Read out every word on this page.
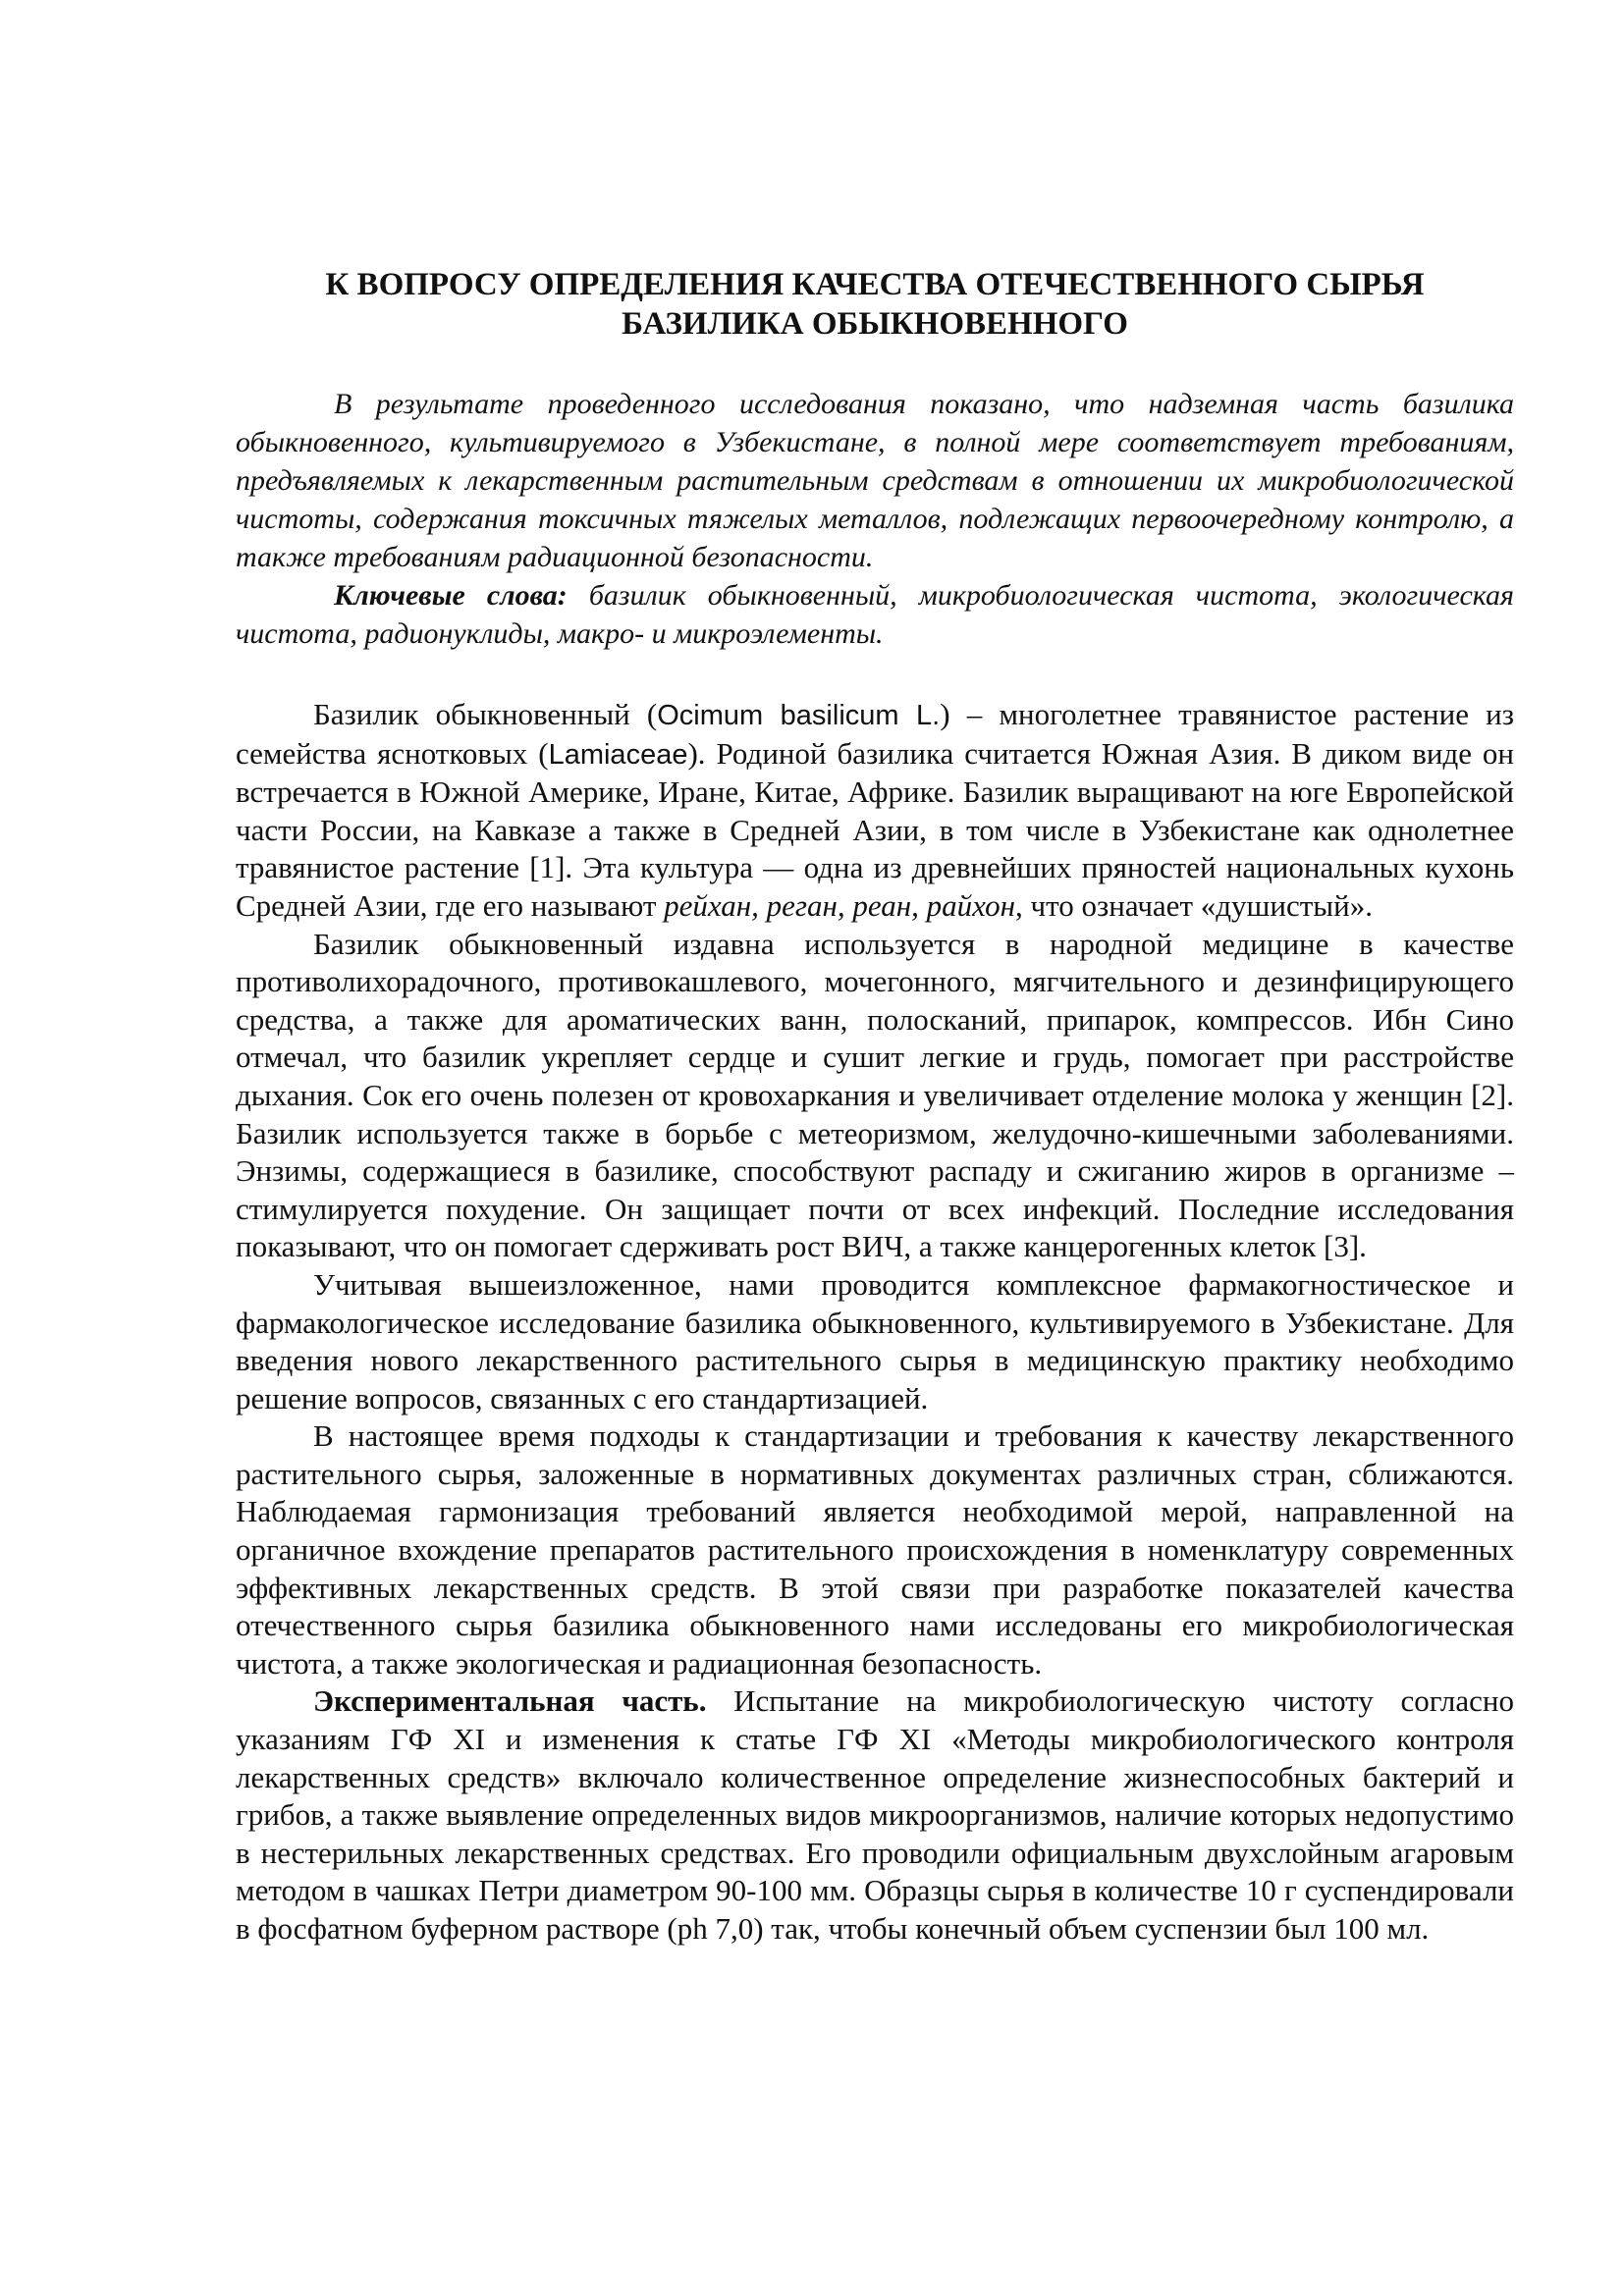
К ВОПРОСУ ОПРЕДЕЛЕНИЯ КАЧЕСТВА ОТЕЧЕСТВЕННОГО СЫРЬЯ
БАЗИЛИКА ОБЫКНОВЕННОГО

В результате проведенного исследования показано, что надземная часть базилика обыкновенного, культивируемого в Узбекистане, в полной мере соответствует требованиям, предъявляемых к лекарственным растительным средствам в отношении их микробиологической чистоты, содержания токсичных тяжелых металлов, подлежащих первоочередному контролю, а также требованиям радиационной безопасности.

Ключевые слова: базилик обыкновенный, микробиологическая чистота, экологическая чистота, радионуклиды, макро- и микроэлементы.

Базилик обыкновенный (Ocimum basilicum L.) – многолетнее травянистое растение из семейства яснотковых (Lamiaceae). Родиной базилика считается Южная Азия. В диком виде он встречается в Южной Америке, Иране, Китае, Африке. Базилик выращивают на юге Европейской части России, на Кавказе а также в Средней Азии, в том числе в Узбекистане как однолетнее травянистое растение [1]. Эта культура — одна из древнейших пряностей национальных кухонь Средней Азии, где его называют рейхан, реган, реан, райхон, что означает «душистый».

Базилик обыкновенный издавна используется в народной медицине в качестве противолихорадочного, противокашлевого, мочегонного, мягчительного и дезинфицирующего средства, а также для ароматических ванн, полосканий, припарок, компрессов. Ибн Сино отмечал, что базилик укрепляет сердце и сушит легкие и грудь, помогает при расстройстве дыхания. Сок его очень полезен от кровохаркания и увеличивает отделение молока у женщин [2]. Базилик используется также в борьбе с метеоризмом, желудочно-кишечными заболеваниями. Энзимы, содержащиеся в базилике, способствуют распаду и сжиганию жиров в организме – стимулируется похудение. Он защищает почти от всех инфекций. Последние исследования показывают, что он помогает сдерживать рост ВИЧ, а также канцерогенных клеток [3].

Учитывая вышеизложенное, нами проводится комплексное фармакогностическое и фармакологическое исследование базилика обыкновенного, культивируемого в Узбекистане. Для введения нового лекарственного растительного сырья в медицинскую практику необходимо решение вопросов, связанных с его стандартизацией.

В настоящее время подходы к стандартизации и требования к качеству лекарственного растительного сырья, заложенные в нормативных документах различных стран, сближаются. Наблюдаемая гармонизация требований является необходимой мерой, направленной на органичное вхождение препаратов растительного происхождения в номенклатуру современных эффективных лекарственных средств. В этой связи при разработке показателей качества отечественного сырья базилика обыкновенного нами исследованы его микробиологическая чистота, а также экологическая и радиационная безопасность.

Экспериментальная часть. Испытание на микробиологическую чистоту согласно указаниям ГФ XI и изменения к статье ГФ XI «Методы микробиологического контроля лекарственных средств» включало количественное определение жизнеспособных бактерий и грибов, а также выявление определенных видов микроорганизмов, наличие которых недопустимо в нестерильных лекарственных средствах. Его проводили официальным двухслойным агаровым методом в чашках Петри диаметром 90-100 мм. Образцы сырья в количестве 10 г суспендировали в фосфатном буферном растворе (ph 7,0) так, чтобы конечный объем суспензии был 100 мл.
